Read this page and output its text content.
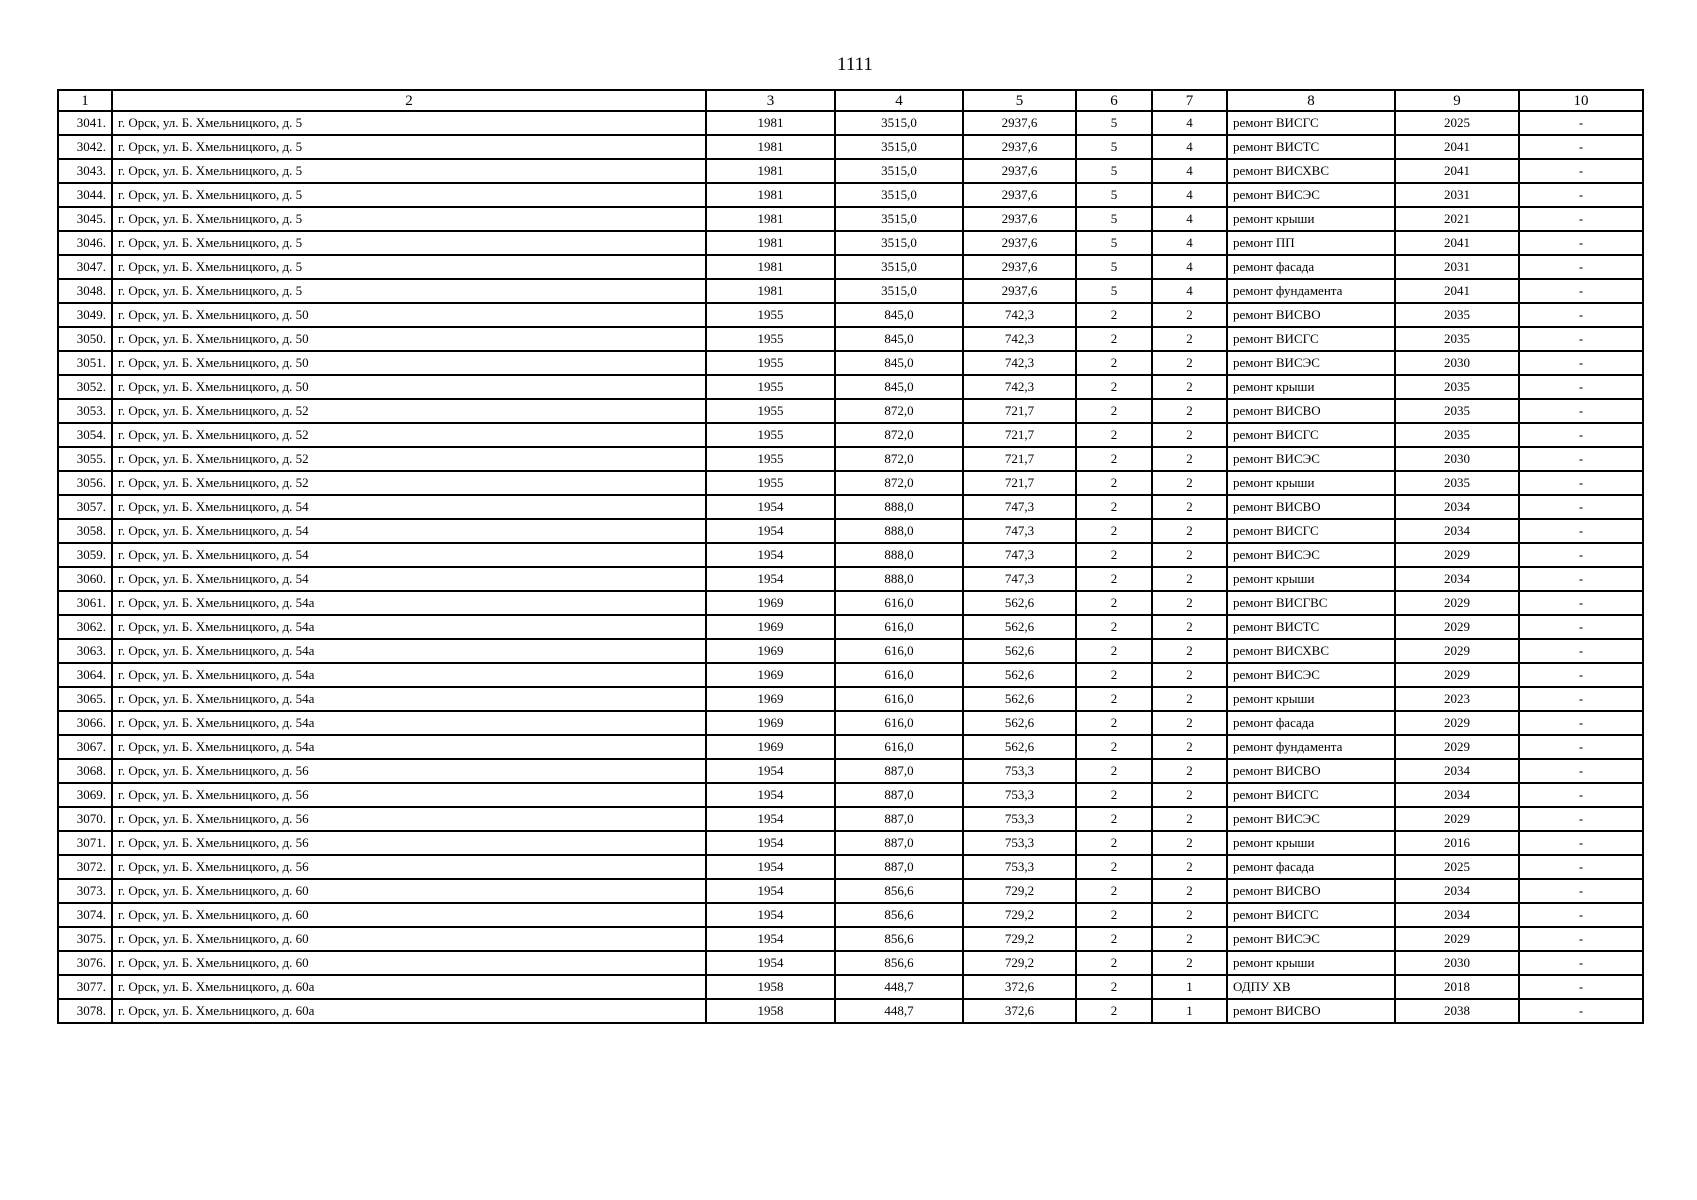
1111
1	2	3	4	5	6	7	8	9	10
3041.	г. Орск, ул. Б. Хмельницкого, д. 5	1981	3515,0	2937,6	5	4	ремонт ВИСГС	2025	-
3042.	г. Орск, ул. Б. Хмельницкого, д. 5	1981	3515,0	2937,6	5	4	ремонт ВИСТС	2041	-
3043.	г. Орск, ул. Б. Хмельницкого, д. 5	1981	3515,0	2937,6	5	4	ремонт ВИСХВС	2041	-
3044.	г. Орск, ул. Б. Хмельницкого, д. 5	1981	3515,0	2937,6	5	4	ремонт ВИСЭС	2031	-
3045.	г. Орск, ул. Б. Хмельницкого, д. 5	1981	3515,0	2937,6	5	4	ремонт крыши	2021	-
3046.	г. Орск, ул. Б. Хмельницкого, д. 5	1981	3515,0	2937,6	5	4	ремонт ПП	2041	-
3047.	г. Орск, ул. Б. Хмельницкого, д. 5	1981	3515,0	2937,6	5	4	ремонт фасада	2031	-
3048.	г. Орск, ул. Б. Хмельницкого, д. 5	1981	3515,0	2937,6	5	4	ремонт фундамента	2041	-
3049.	г. Орск, ул. Б. Хмельницкого, д. 50	1955	845,0	742,3	2	2	ремонт ВИСВО	2035	-
3050.	г. Орск, ул. Б. Хмельницкого, д. 50	1955	845,0	742,3	2	2	ремонт ВИСГС	2035	-
3051.	г. Орск, ул. Б. Хмельницкого, д. 50	1955	845,0	742,3	2	2	ремонт ВИСЭС	2030	-
3052.	г. Орск, ул. Б. Хмельницкого, д. 50	1955	845,0	742,3	2	2	ремонт крыши	2035	-
3053.	г. Орск, ул. Б. Хмельницкого, д. 52	1955	872,0	721,7	2	2	ремонт ВИСВО	2035	-
3054.	г. Орск, ул. Б. Хмельницкого, д. 52	1955	872,0	721,7	2	2	ремонт ВИСГС	2035	-
3055.	г. Орск, ул. Б. Хмельницкого, д. 52	1955	872,0	721,7	2	2	ремонт ВИСЭС	2030	-
3056.	г. Орск, ул. Б. Хмельницкого, д. 52	1955	872,0	721,7	2	2	ремонт крыши	2035	-
3057.	г. Орск, ул. Б. Хмельницкого, д. 54	1954	888,0	747,3	2	2	ремонт ВИСВО	2034	-
3058.	г. Орск, ул. Б. Хмельницкого, д. 54	1954	888,0	747,3	2	2	ремонт ВИСГС	2034	-
3059.	г. Орск, ул. Б. Хмельницкого, д. 54	1954	888,0	747,3	2	2	ремонт ВИСЭС	2029	-
3060.	г. Орск, ул. Б. Хмельницкого, д. 54	1954	888,0	747,3	2	2	ремонт крыши	2034	-
3061.	г. Орск, ул. Б. Хмельницкого, д. 54а	1969	616,0	562,6	2	2	ремонт ВИСГВС	2029	-
3062.	г. Орск, ул. Б. Хмельницкого, д. 54а	1969	616,0	562,6	2	2	ремонт ВИСТС	2029	-
3063.	г. Орск, ул. Б. Хмельницкого, д. 54а	1969	616,0	562,6	2	2	ремонт ВИСХВС	2029	-
3064.	г. Орск, ул. Б. Хмельницкого, д. 54а	1969	616,0	562,6	2	2	ремонт ВИСЭС	2029	-
3065.	г. Орск, ул. Б. Хмельницкого, д. 54а	1969	616,0	562,6	2	2	ремонт крыши	2023	-
3066.	г. Орск, ул. Б. Хмельницкого, д. 54а	1969	616,0	562,6	2	2	ремонт фасада	2029	-
3067.	г. Орск, ул. Б. Хмельницкого, д. 54а	1969	616,0	562,6	2	2	ремонт фундамента	2029	-
3068.	г. Орск, ул. Б. Хмельницкого, д. 56	1954	887,0	753,3	2	2	ремонт ВИСВО	2034	-
3069.	г. Орск, ул. Б. Хмельницкого, д. 56	1954	887,0	753,3	2	2	ремонт ВИСГС	2034	-
3070.	г. Орск, ул. Б. Хмельницкого, д. 56	1954	887,0	753,3	2	2	ремонт ВИСЭС	2029	-
3071.	г. Орск, ул. Б. Хмельницкого, д. 56	1954	887,0	753,3	2	2	ремонт крыши	2016	-
3072.	г. Орск, ул. Б. Хмельницкого, д. 56	1954	887,0	753,3	2	2	ремонт фасада	2025	-
3073.	г. Орск, ул. Б. Хмельницкого, д. 60	1954	856,6	729,2	2	2	ремонт ВИСВО	2034	-
3074.	г. Орск, ул. Б. Хмельницкого, д. 60	1954	856,6	729,2	2	2	ремонт ВИСГС	2034	-
3075.	г. Орск, ул. Б. Хмельницкого, д. 60	1954	856,6	729,2	2	2	ремонт ВИСЭС	2029	-
3076.	г. Орск, ул. Б. Хмельницкого, д. 60	1954	856,6	729,2	2	2	ремонт крыши	2030	-
3077.	г. Орск, ул. Б. Хмельницкого, д. 60а	1958	448,7	372,6	2	1	ОДПУ ХВ	2018	-
3078.	г. Орск, ул. Б. Хмельницкого, д. 60а	1958	448,7	372,6	2	1	ремонт ВИСВО	2038	-
